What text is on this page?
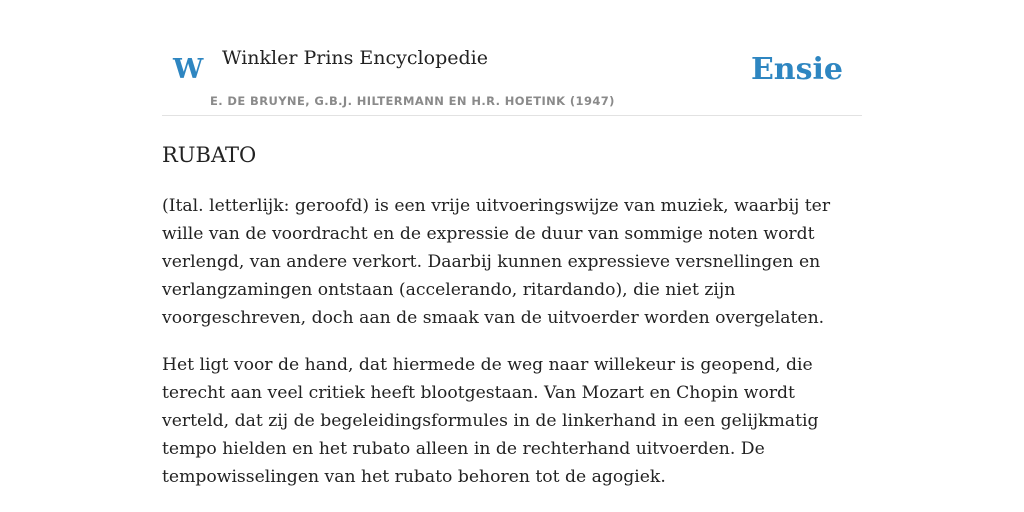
W Winkler Prins Encyclopedie
E. DE BRUYNE, G.B.J. HILTERMANN EN H.R. HOETINK (1947)
Ensie
RUBATO

(Ital. letterlijk: geroofd) is een vrije uitvoeringswijze van muziek, waarbij ter wille van de voordracht en de expressie de duur van sommige noten wordt verlengd, van andere verkort. Daarbij kunnen expressieve versnellingen en verlangzamingen ontstaan (accelerando, ritardando), die niet zijn voorgeschreven, doch aan de smaak van de uitvoerder worden overgelaten.

Het ligt voor de hand, dat hiermede de weg naar willekeur is geopend, die terecht aan veel critiek heeft blootgestaan. Van Mozart en Chopin wordt verteld, dat zij de begeleidingsformules in de linkerhand in een gelijkmatig tempo hielden en het rubato alleen in de rechterhand uitvoerden. De tempowisselingen van het rubato behoren tot de agogiek.
